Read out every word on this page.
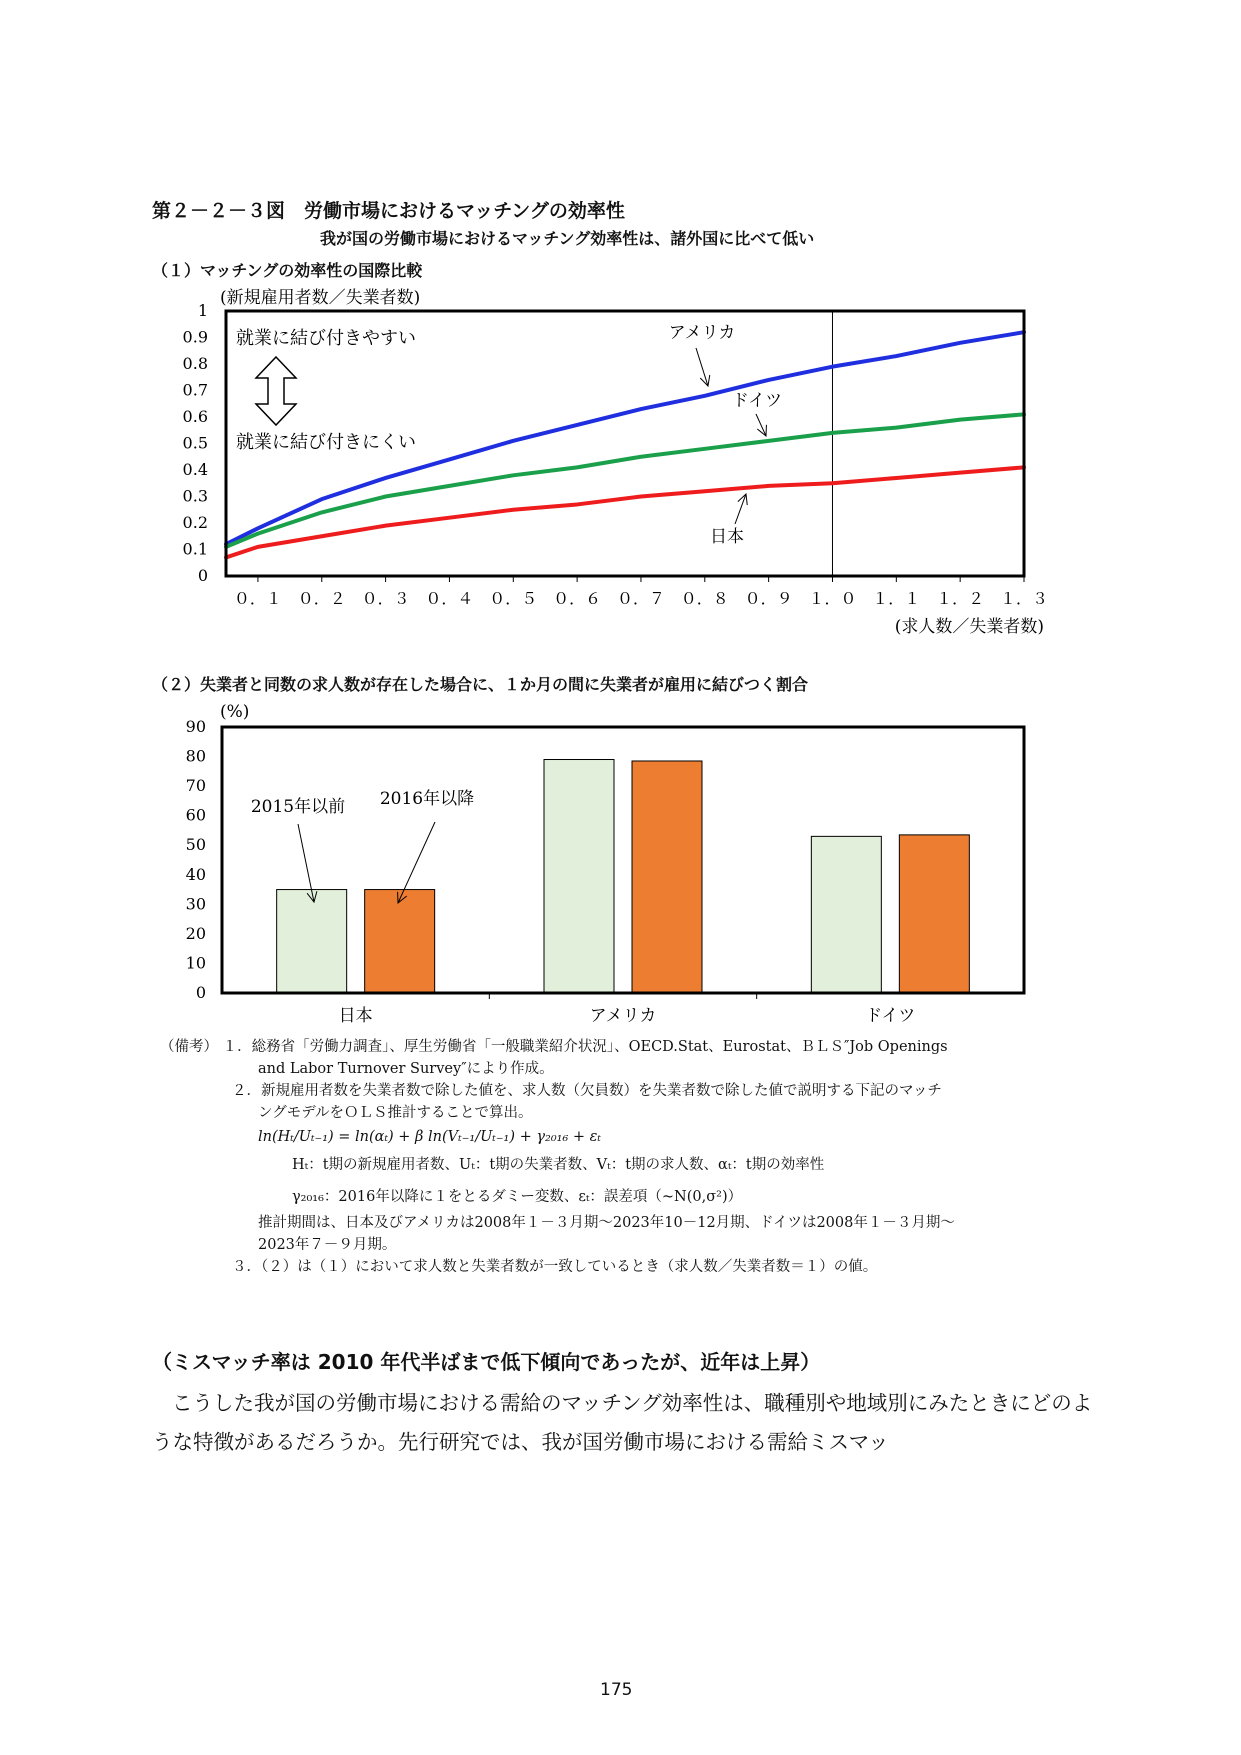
第２－２－３図　労働市場におけるマッチングの効率性
我が国の労働市場におけるマッチング効率性は、諸外国に比べて低い
（１）マッチングの効率性の国際比較
（２）失業者と同数の求人数が存在した場合に、１か月の間に失業者が雇用に結びつく割合
0
0.1
0.2
0.3
0.4
0.5
0.6
0.7
0.8
0.9
1
０．１ ０．２ ０．３ ０．４ ０．５ ０．６ ０．７ ０．８ ０．９ １．０ １．１ １．２ １．３
(新規雇用者数／失業者数)
(求人数／失業者数)
アメリカ
ドイツ
日本
就業に結び付きやすい
就業に結び付きにくい
0
10
20
30
40
50
60
70
80
90
(%)
日本	アメリカ	ドイツ
2015年以前 2016年以降
（備考） １．総務省「労働力調査」、厚生労働省「一般職業紹介状況」、OECD.Stat、Eurostat、ＢＬＳ″Job Openings
and Labor Turnover Survey″により作成。
２．新規雇用者数を失業者数で除した値を、求人数（欠員数）を失業者数で除した値で説明する下記のマッチ
ングモデルをＯＬＳ推計することで算出。
ln(Hₜ/Uₜ₋₁) = ln(αₜ) + β ln(Vₜ₋₁/Uₜ₋₁) + γ₂₀₁₆ + εₜ
Hₜ：t期の新規雇用者数、Uₜ：t期の失業者数、Vₜ：t期の求人数、αₜ：t期の効率性
γ₂₀₁₆：2016年以降に１をとるダミー変数、εₜ：誤差項（~N(0,σ²)）
推計期間は、日本及びアメリカは2008年１－３月期～2023年10－12月期、ドイツは2008年１－３月期～
2023年７－９月期。
３．（２）は（１）において求人数と失業者数が一致しているとき（求人数／失業者数＝１）の値。
（ミスマッチ率は 2010 年代半ばまで低下傾向であったが、近年は上昇）
こうした我が国の労働市場における需給のマッチング効率性は、職種別や地域別にみたときにどのような特徴があるだろうか。先行研究では、我が国労働市場における需給ミスマッ
175
